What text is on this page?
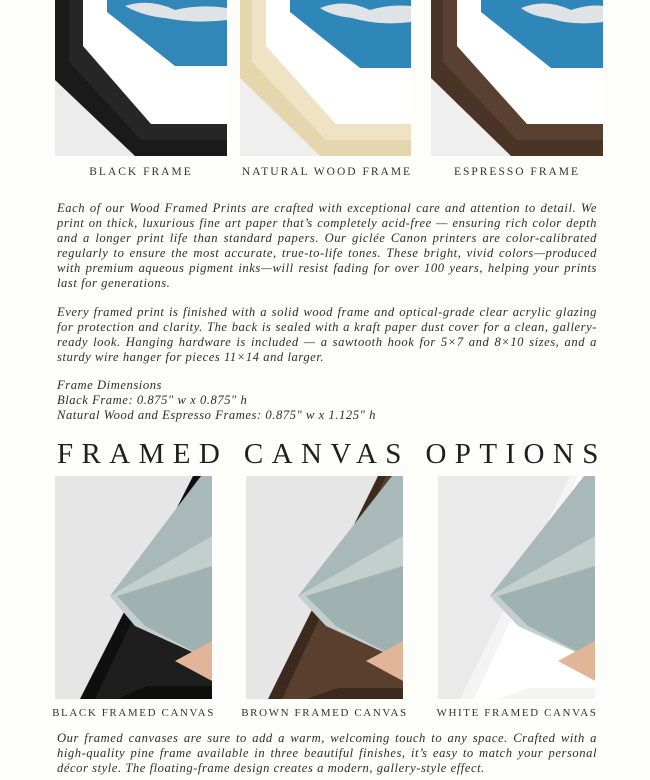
BLACK FRAME	NATURAL WOOD FRAME	ESPRESSO FRAME

Each of our Wood Framed Prints are crafted with exceptional care and attention to detail. We print on thick, luxurious fine art paper that’s completely acid-free — ensuring rich color depth and a longer print life than standard papers. Our giclée Canon printers are color-calibrated regularly to ensure the most accurate, true-to-life tones. These bright, vivid colors—produced with premium aqueous pigment inks—will resist fading for over 100 years, helping your prints last for generations.

Every framed print is finished with a solid wood frame and optical-grade clear acrylic glazing for protection and clarity. The back is sealed with a kraft paper dust cover for a clean, gallery-ready look. Hanging hardware is included — a sawtooth hook for 5×7 and 8×10 sizes, and a sturdy wire hanger for pieces 11×14 and larger.

Frame Dimensions
Black Frame: 0.875″ w x 0.875″ h
Natural Wood and Espresso Frames: 0.875″ w x 1.125″ h
FRAMED CANVAS OPTIONS
BLACK FRAMED CANVAS BROWN FRAMED CANVAS	WHITE FRAMED CANVAS

Our framed canvases are sure to add a warm, welcoming touch to any space. Crafted with a high-quality pine frame available in three beautiful finishes, it’s easy to match your personal décor style. The floating-frame design creates a modern, gallery-style effect.
